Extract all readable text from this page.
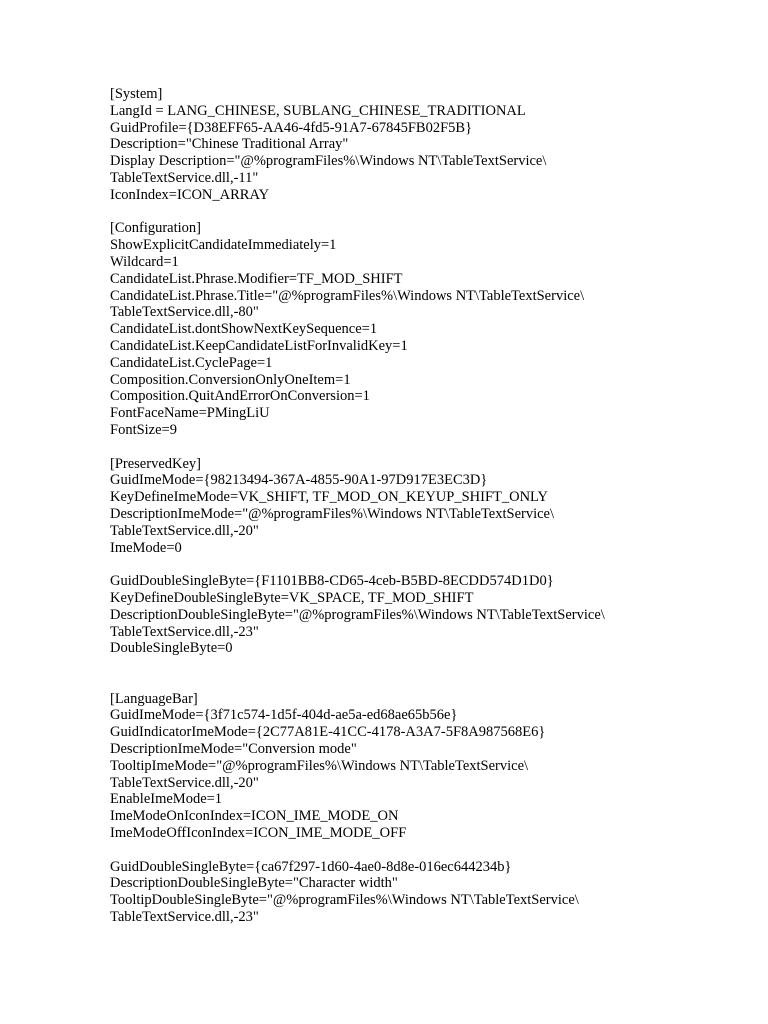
[System]
LangId = LANG_CHINESE, SUBLANG_CHINESE_TRADITIONAL
GuidProfile={D38EFF65-AA46-4fd5-91A7-67845FB02F5B}
Description="Chinese Traditional Array"
Display Description="@%programFiles%\Windows NT\TableTextService\
TableTextService.dll,-11"
IconIndex=ICON_ARRAY
[Configuration]
ShowExplicitCandidateImmediately=1
Wildcard=1
CandidateList.Phrase.Modifier=TF_MOD_SHIFT
CandidateList.Phrase.Title="@%programFiles%\Windows NT\TableTextService\
TableTextService.dll,-80"
CandidateList.dontShowNextKeySequence=1
CandidateList.KeepCandidateListForInvalidKey=1
CandidateList.CyclePage=1
Composition.ConversionOnlyOneItem=1
Composition.QuitAndErrorOnConversion=1
FontFaceName=PMingLiU
FontSize=9
[PreservedKey]
GuidImeMode={98213494-367A-4855-90A1-97D917E3EC3D}
KeyDefineImeMode=VK_SHIFT, TF_MOD_ON_KEYUP_SHIFT_ONLY
DescriptionImeMode="@%programFiles%\Windows NT\TableTextService\
TableTextService.dll,-20"
ImeMode=0
GuidDoubleSingleByte={F1101BB8-CD65-4ceb-B5BD-8ECDD574D1D0}
KeyDefineDoubleSingleByte=VK_SPACE, TF_MOD_SHIFT
DescriptionDoubleSingleByte="@%programFiles%\Windows NT\TableTextService\
TableTextService.dll,-23"
DoubleSingleByte=0
[LanguageBar]
GuidImeMode={3f71c574-1d5f-404d-ae5a-ed68ae65b56e}
GuidIndicatorImeMode={2C77A81E-41CC-4178-A3A7-5F8A987568E6}
DescriptionImeMode="Conversion mode"
TooltipImeMode="@%programFiles%\Windows NT\TableTextService\
TableTextService.dll,-20"
EnableImeMode=1
ImeModeOnIconIndex=ICON_IME_MODE_ON
ImeModeOffIconIndex=ICON_IME_MODE_OFF
GuidDoubleSingleByte={ca67f297-1d60-4ae0-8d8e-016ec644234b}
DescriptionDoubleSingleByte="Character width"
TooltipDoubleSingleByte="@%programFiles%\Windows NT\TableTextService\
TableTextService.dll,-23"
